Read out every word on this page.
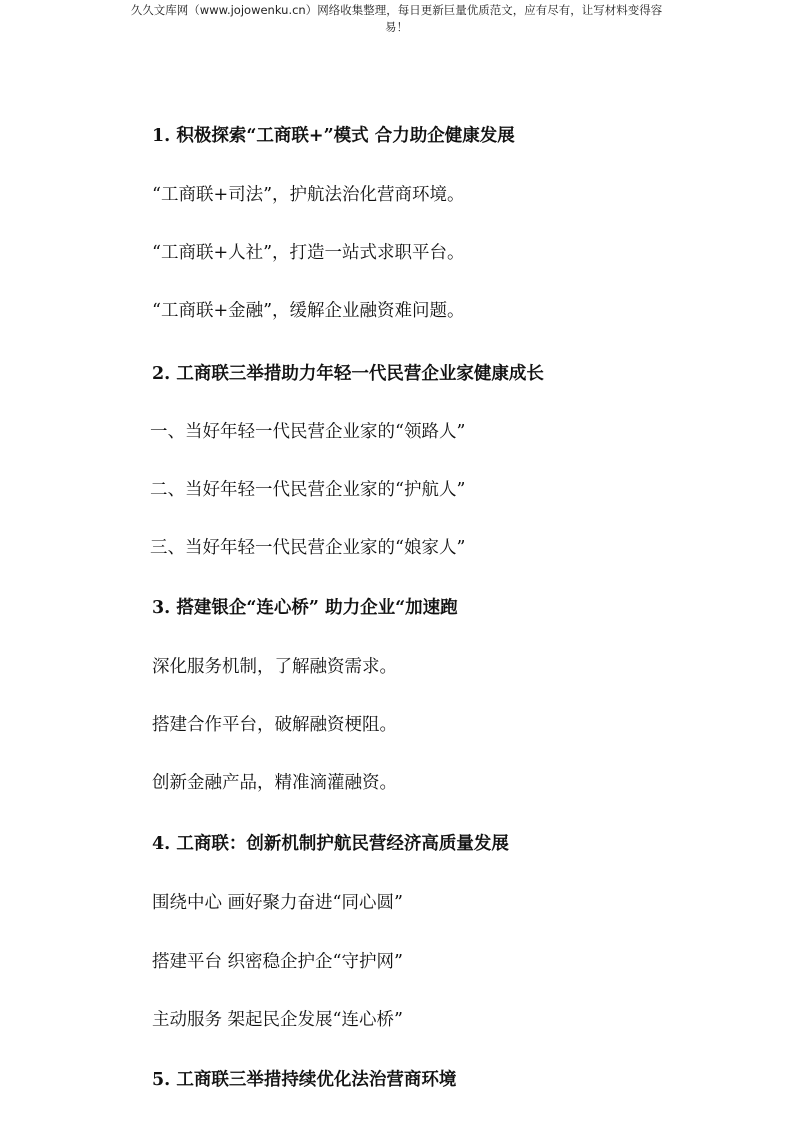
久久文库网（www.jojowenku.cn）网络收集整理，每日更新巨量优质范文，应有尽有，让写材料变得容
易！
1. 积极探索“工商联+”模式 合力助企健康发展
“工商联+司法”，护航法治化营商环境。
“工商联+人社”，打造一站式求职平台。
“工商联+金融”，缓解企业融资难问题。
2. 工商联三举措助力年轻一代民营企业家健康成长
一、当好年轻一代民营企业家的“领路人”
二、当好年轻一代民营企业家的“护航人”
三、当好年轻一代民营企业家的“娘家人”
3. 搭建银企“连心桥” 助力企业“加速跑
深化服务机制，了解融资需求。
搭建合作平台，破解融资梗阻。
创新金融产品，精准滴灌融资。
4. 工商联：创新机制护航民营经济高质量发展
围绕中心 画好聚力奋进“同心圆”
搭建平台 织密稳企护企“守护网”
主动服务 架起民企发展“连心桥”
5. 工商联三举措持续优化法治营商环境
